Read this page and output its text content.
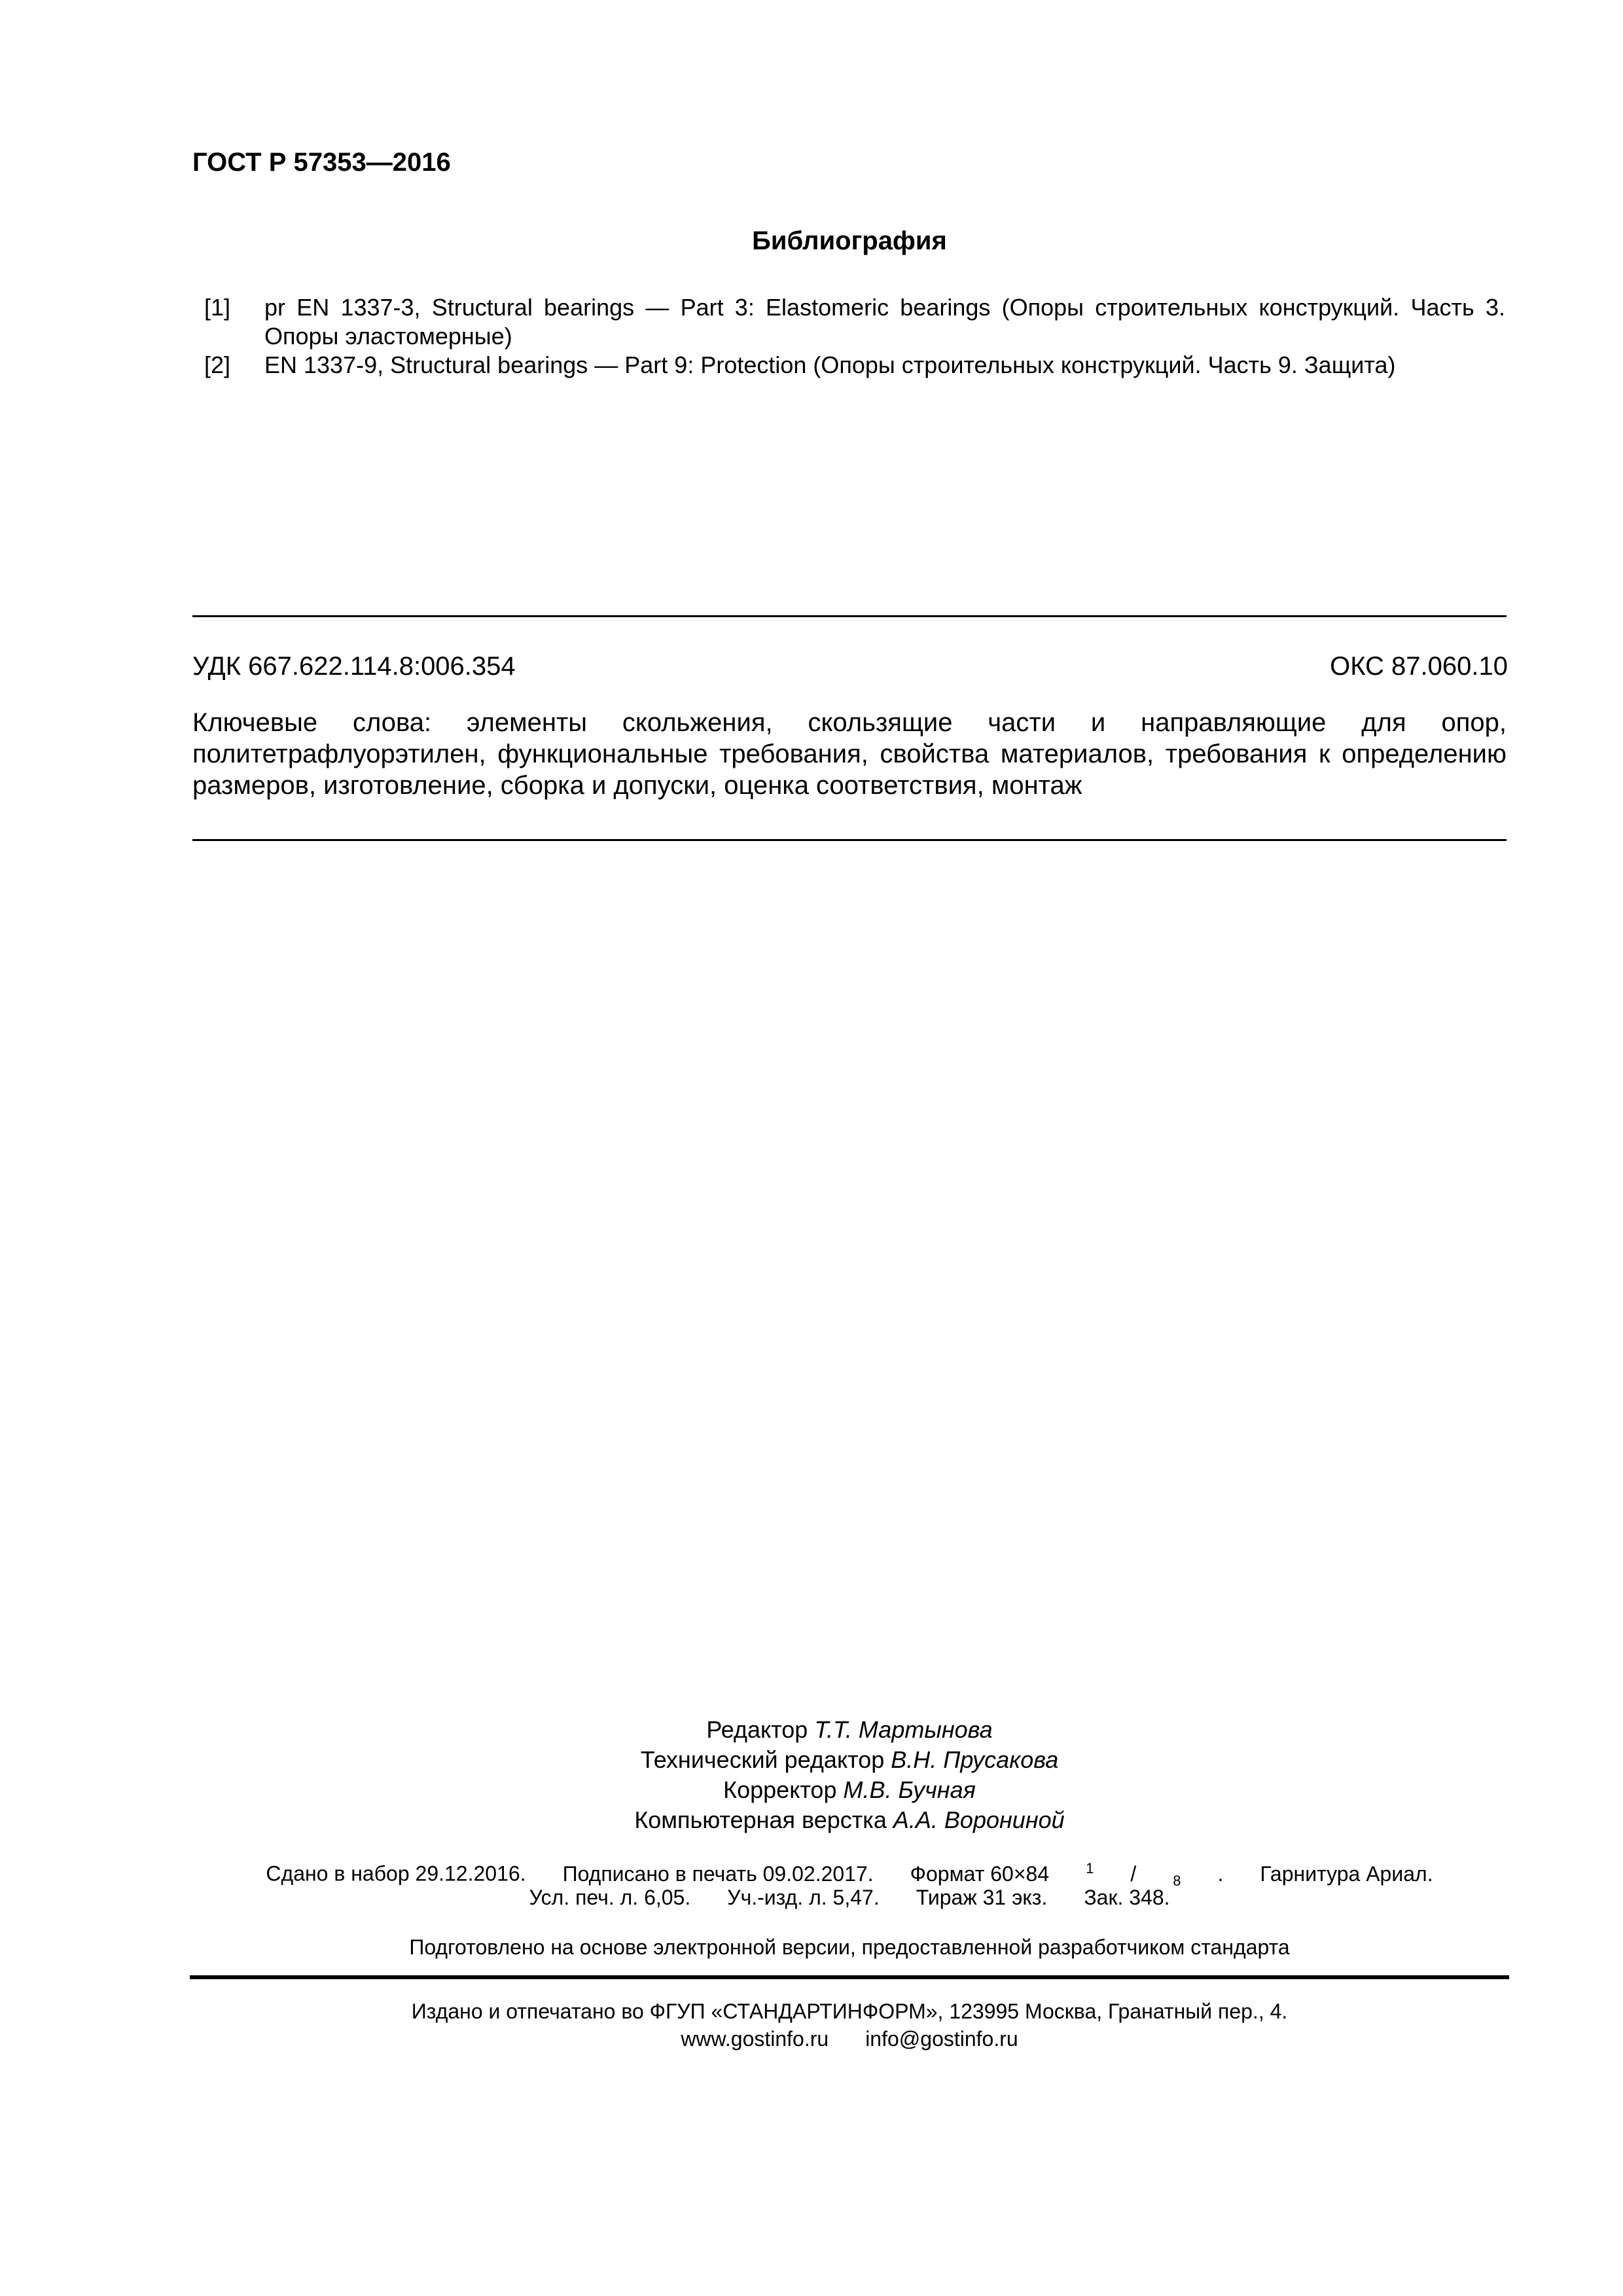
ГОСТ Р 57353—2016
Библиография
[1] pr EN 1337-3, Structural bearings — Part 3: Elastomeric bearings (Опоры строительных конструкций. Часть 3. Опоры эластомерные)
[2] EN 1337-9, Structural bearings — Part 9: Protection (Опоры строительных конструкций. Часть 9. Защита)
УДК 667.622.114.8:006.354	ОКС 87.060.10
Ключевые слова: элементы скольжения, скользящие части и направляющие для опор, политетрафлуорэтилен, функциональные требования, свойства материалов, требования к определению размеров, изготовление, сборка и допуски, оценка соответствия, монтаж
Редактор Т.Т. Мартынова
Технический редактор В.Н. Прусакова
Корректор М.В. Бучная
Компьютерная верстка А.А. Ворониной
Сдано в набор 29.12.2016. Подписано в печать 09.02.2017. Формат 60×84	$^1$ /	$_8$ . Гарнитура Ариал.
Усл. печ. л. 6,05. Уч.-изд. л. 5,47. Тираж 31 экз. Зак. 348.
Подготовлено на основе электронной версии, предоставленной разработчиком стандарта
Издано и отпечатано во ФГУП «СТАНДАРТИНФОРМ», 123995 Москва, Гранатный пер., 4.
www.gostinfo.ru info@gostinfo.ru
